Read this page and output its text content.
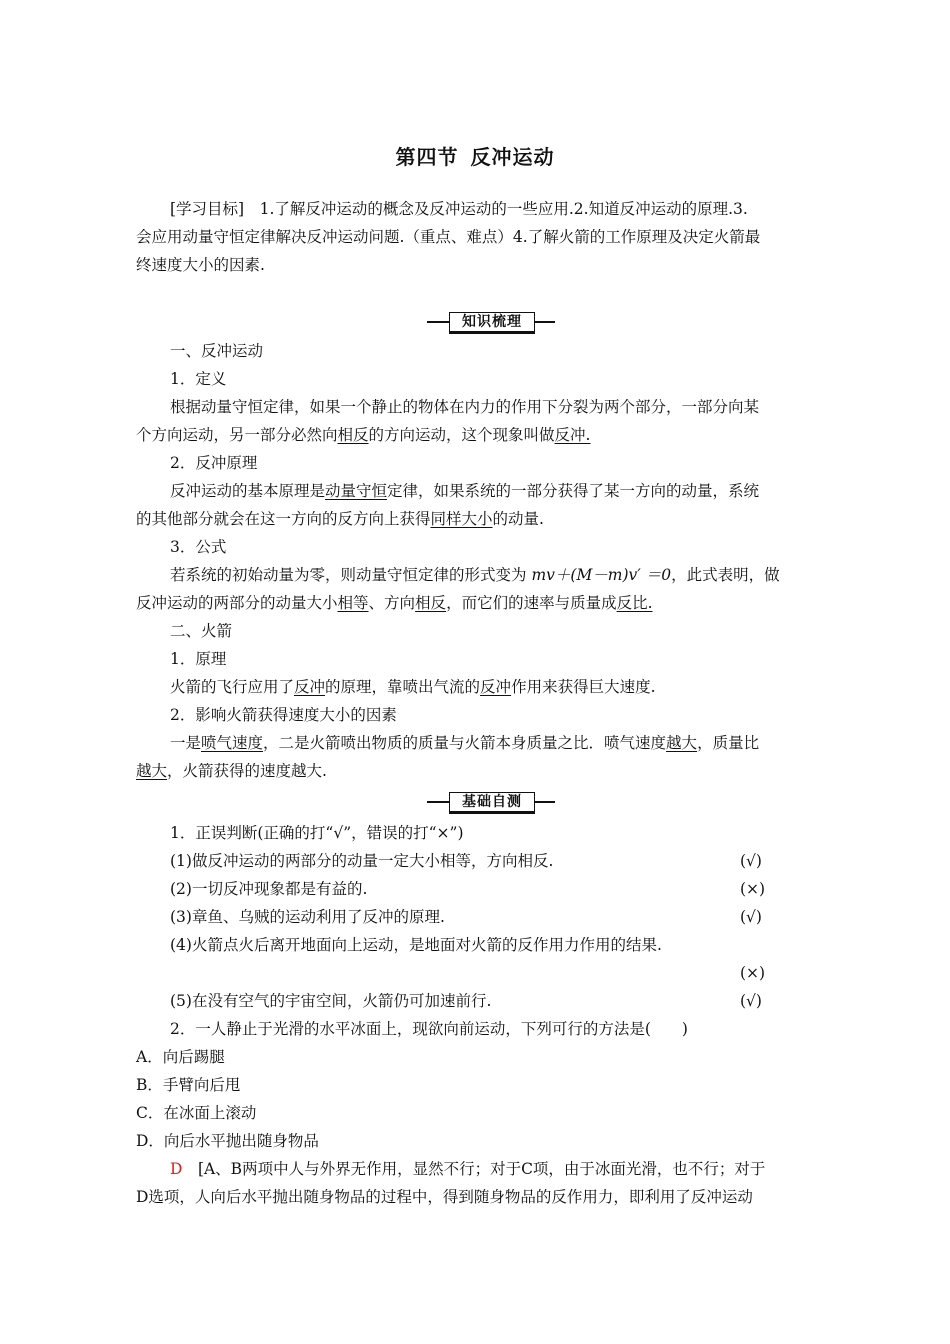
第四节 反冲运动
[学习目标]　1.了解反冲运动的概念及反冲运动的一些应用.2.知道反冲运动的原理.3.
会应用动量守恒定律解决反冲运动问题.（重点、难点）4.了解火箭的工作原理及决定火箭最
终速度大小的因素.
知识梳理
一、反冲运动
1．定义
根据动量守恒定律，如果一个静止的物体在内力的作用下分裂为两个部分，一部分向某
个方向运动，另一部分必然向相反的方向运动，这个现象叫做反冲.
2．反冲原理
反冲运动的基本原理是动量守恒定律，如果系统的一部分获得了某一方向的动量，系统
的其他部分就会在这一方向的反方向上获得同样大小的动量.
3．公式
若系统的初始动量为零，则动量守恒定律的形式变为 mv＋(M－m)v′ ＝0，此式表明，做
反冲运动的两部分的动量大小相等、方向相反，而它们的速率与质量成反比.
二、火箭
1．原理
火箭的飞行应用了反冲的原理，靠喷出气流的反冲作用来获得巨大速度.
2．影响火箭获得速度大小的因素
一是喷气速度，二是火箭喷出物质的质量与火箭本身质量之比．喷气速度越大，质量比
越大，火箭获得的速度越大.
基础自测
1．正误判断(正确的打“√”，错误的打“×”)
(1)做反冲运动的两部分的动量一定大小相等，方向相反.	(√)
(2)一切反冲现象都是有益的.	(×)
(3)章鱼、乌贼的运动利用了反冲的原理.	(√)
(4)火箭点火后离开地面向上运动，是地面对火箭的反作用力作用的结果.
(×)
(5)在没有空气的宇宙空间，火箭仍可加速前行.	(√)
2．一人静止于光滑的水平冰面上，现欲向前运动，下列可行的方法是(　　)
A．向后踢腿
B．手臂向后甩
C．在冰面上滚动
D．向后水平抛出随身物品
D　[A、B两项中人与外界无作用，显然不行；对于C项，由于冰面光滑，也不行；对于
D选项，人向后水平抛出随身物品的过程中，得到随身物品的反作用力，即利用了反冲运动
